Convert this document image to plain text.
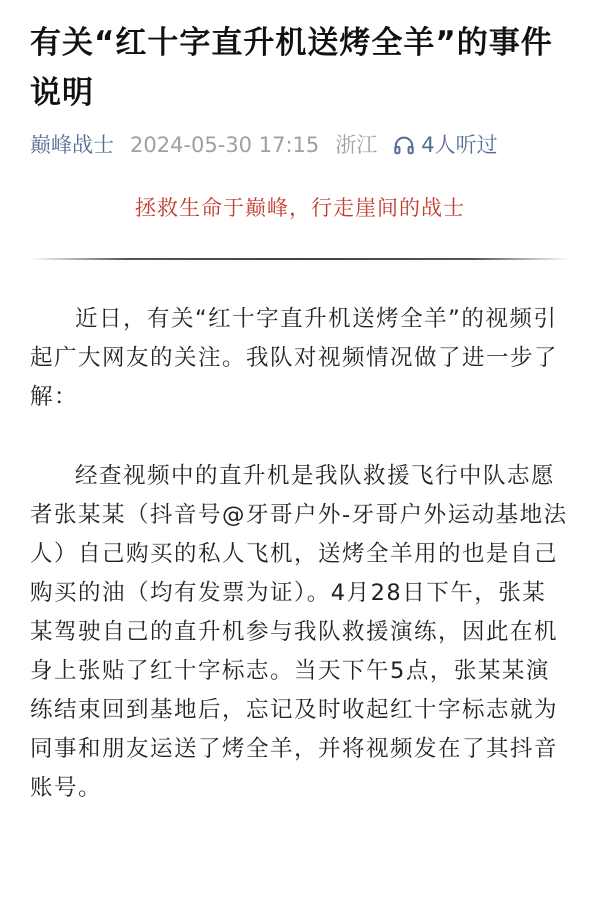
有关“红十字直升机送烤全羊”的事件说明
巅峰战士 2024-05-30 17:15 浙江 4人听过
拯救生命于巅峰，行走崖间的战士

近日，有关“红十字直升机送烤全羊”的视频引起广大网友的关注。我队对视频情况做了进一步了解：

经查视频中的直升机是我队救援飞行中队志愿者张某某（抖音号@牙哥户外-牙哥户外运动基地法人）自己购买的私人飞机，送烤全羊用的也是自己购买的油（均有发票为证）。4月28日下午，张某某驾驶自己的直升机参与我队救援演练，因此在机身上张贴了红十字标志。当天下午5点，张某某演练结束回到基地后，忘记及时收起红十字标志就为同事和朋友运送了烤全羊，并将视频发在了其抖音账号。
